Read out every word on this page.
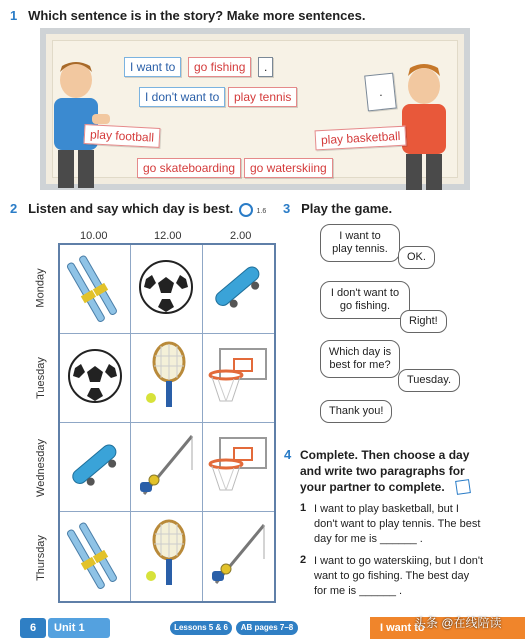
1 Which sentence is in the story? Make more sentences.
I want to	go fishing	.
I don't want to	play tennis
play football	play basketball
go skateboarding	go waterskiing
.
2 Listen and say which day is best.	1.6
10.00	12.00	2.00
Monday
Tuesday
Wednesday
Thursday
3 Play the game.
I want to play tennis.
OK.
I don't want to go fishing.
Right!
Which day is best for me?
Tuesday.
Thank you!
4 Complete. Then choose a day and write two paragraphs for your partner to complete.
1 I want to play basketball, but I don't want to play tennis. The best day for me is ______ .
2 I want to go waterskiing, but I don't want to go fishing. The best day for me is ______ .
6	Unit 1	Lessons 5 & 6	AB pages 7–8	I want to
头条 @在线陪读
